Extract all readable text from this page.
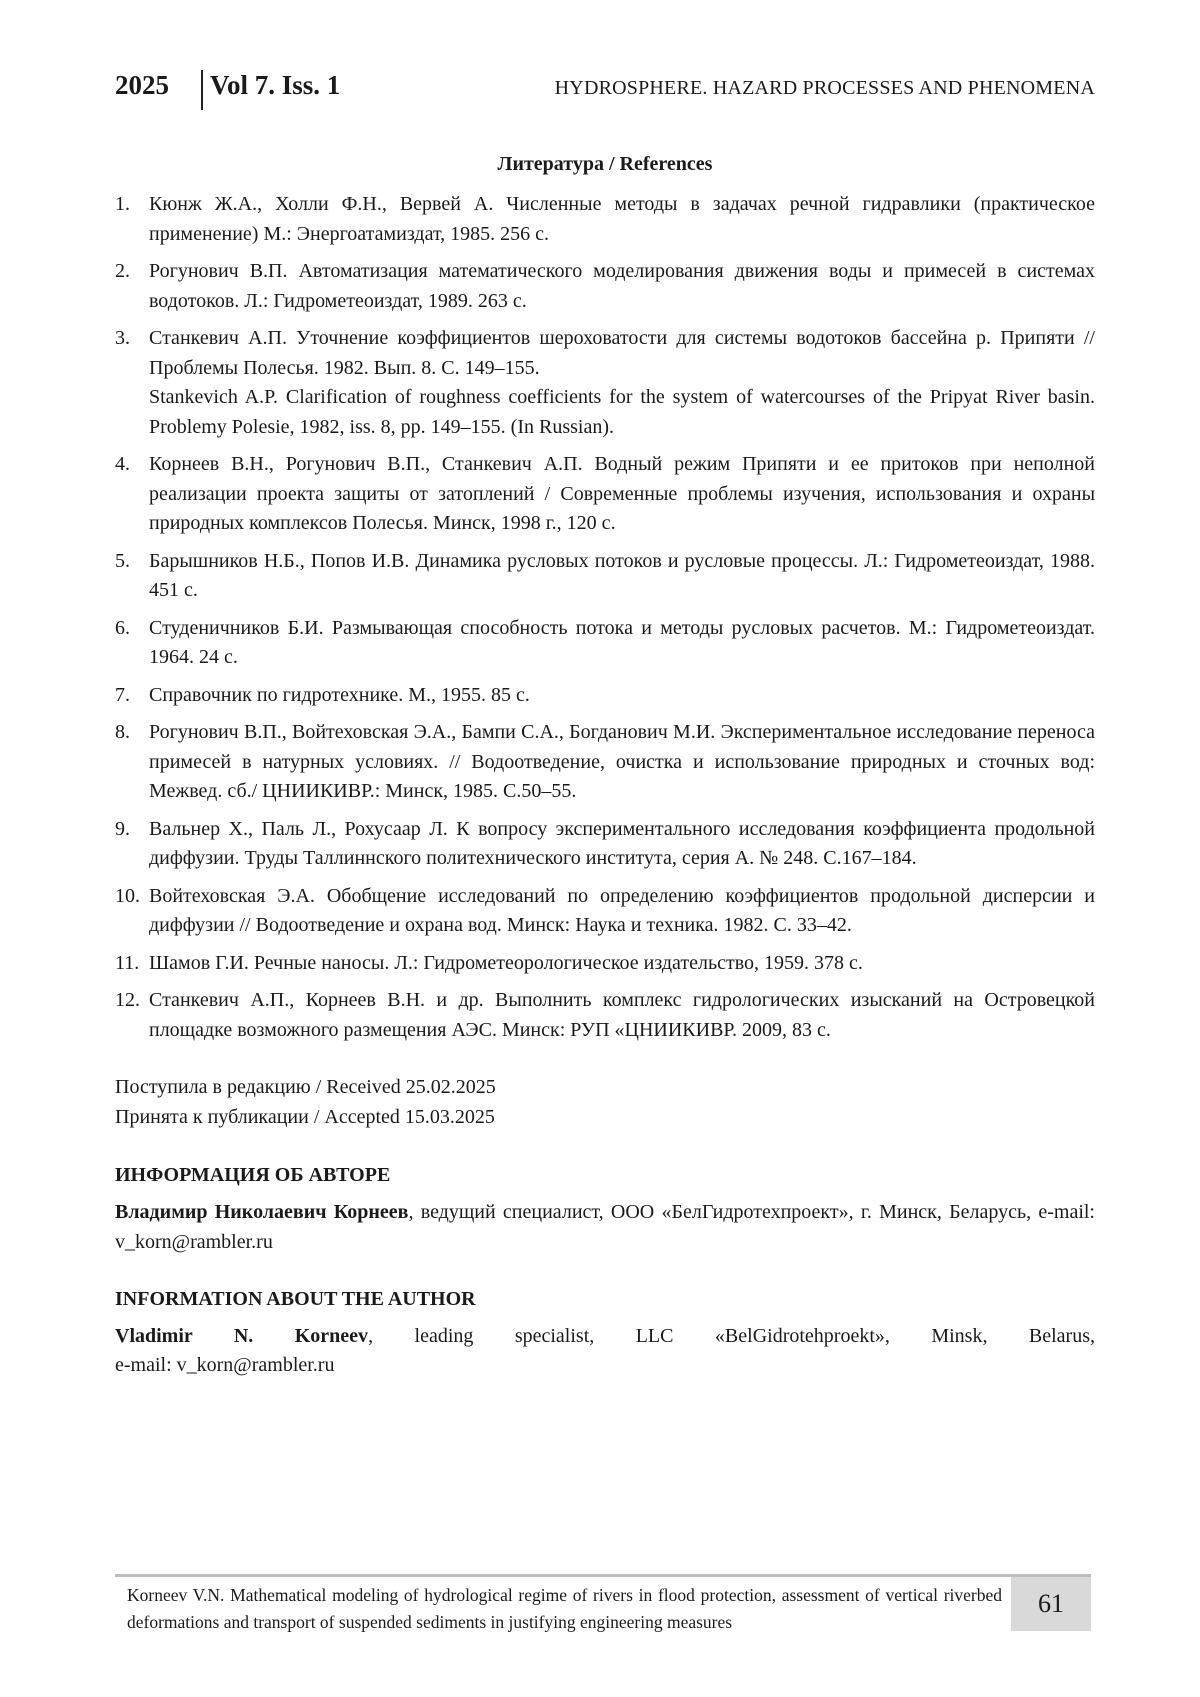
2025 Vol 7. Iss. 1	HYDROSPHERE. HAZARD PROCESSES AND PHENOMENA
Литература / References
1. Кюнж Ж.А., Холли Ф.Н., Вервей А. Численные методы в задачах речной гидравлики (практическое применение) М.: Энергоатамиздат, 1985. 256 с.
2. Рогунович В.П. Автоматизация математического моделирования движения воды и примесей в системах водотоков. Л.: Гидрометеоиздат, 1989. 263 с.
3. Станкевич А.П. Уточнение коэффициентов шероховатости для системы водотоков бассейна р. Припяти // Проблемы Полесья. 1982. Вып. 8. С. 149–155.
Stankevich A.P. Clarification of roughness coefficients for the system of watercourses of the Pripyat River basin. Problemy Polesie, 1982, iss. 8, pp. 149–155. (In Russian).
4. Корнеев В.Н., Рогунович В.П., Станкевич А.П. Водный режим Припяти и ее притоков при неполной реализации проекта защиты от затоплений / Современные проблемы изучения, использования и охраны природных комплексов Полесья. Минск, 1998 г., 120 с.
5. Барышников Н.Б., Попов И.В. Динамика русловых потоков и русловые процессы. Л.: Гидрометеоиздат, 1988. 451 с.
6. Студеничников Б.И. Размывающая способность потока и методы русловых расчетов. М.: Гидрометеоиздат. 1964. 24 с.
7. Справочник по гидротехнике. М., 1955. 85 с.
8. Рогунович В.П., Войтеховская Э.А., Бампи С.А., Богданович М.И. Экспериментальное исследование переноса примесей в натурных условиях. // Водоотведение, очистка и использование природных и сточных вод: Межвед. сб./ ЦНИИКИВР.: Минск, 1985. С.50–55.
9. Вальнер Х., Паль Л., Рохусаар Л. К вопросу экспериментального исследования коэффициента продольной диффузии. Труды Таллиннского политехнического института, серия А. № 248. С.167–184.
10. Войтеховская Э.А. Обобщение исследований по определению коэффициентов продольной дисперсии и диффузии // Водоотведение и охрана вод. Минск: Наука и техника. 1982. С. 33–42.
11. Шамов Г.И. Речные наносы. Л.: Гидрометеорологическое издательство, 1959. 378 с.
12. Станкевич А.П., Корнеев В.Н. и др. Выполнить комплекс гидрологических изысканий на Островецкой площадке возможного размещения АЭС. Минск: РУП «ЦНИИКИВР. 2009, 83 с.
Поступила в редакцию / Received 25.02.2025
Принята к публикации / Accepted 15.03.2025
ИНФОРМАЦИЯ ОБ АВТОРЕ
Владимир Николаевич Корнеев, ведущий специалист, ООО «БелГидротехпроект», г. Минск, Беларусь, e-mail: v_korn@rambler.ru
INFORMATION ABOUT THE AUTHOR
Vladimir N. Korneev, leading specialist, LLC «BelGidrotehproekt», Minsk, Belarus,
e-mail: v_korn@rambler.ru
Korneev V.N. Mathematical modeling of hydrological regime of rivers in flood protection, assessment of vertical riverbed deformations and transport of suspended sediments in justifying engineering measures
61
